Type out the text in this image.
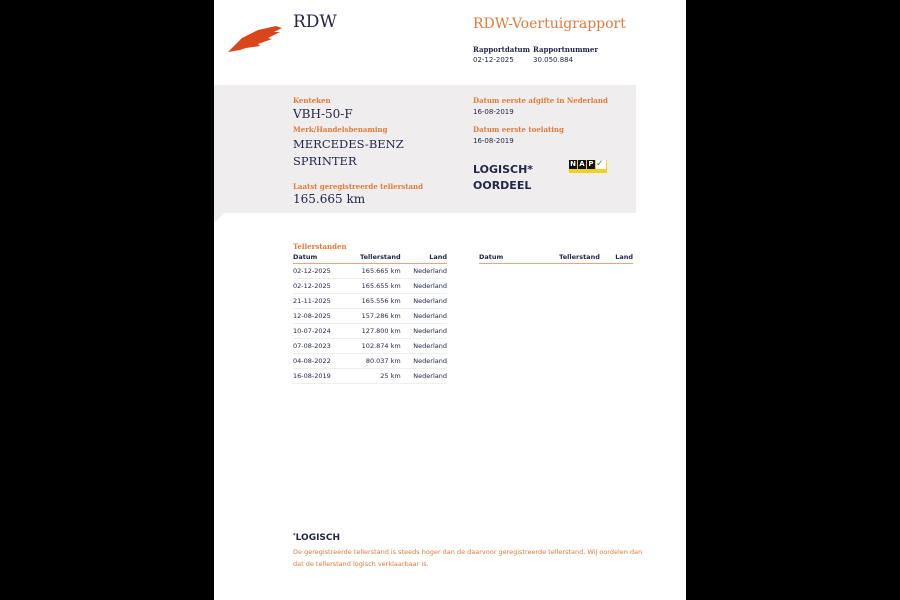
RDW	RDW-Voertuigrapport
Rapportdatum
02-12-2025
Rapportnummer
30.050.884
Kenteken
VBH-50-F
Merk/Handelsbenaming
MERCEDES-BENZ
SPRINTER
Laatst geregistreerde tellerstand
165.665 km
Datum eerste afgifte in Nederland
16-08-2019
Datum eerste toelating
16-08-2019
LOGISCH*
OORDEEL
N A P ✓
Tellerstanden
Datum	Tellerstand	Land
02-12-2025	165.665 km	Nederland
02-12-2025	165.655 km	Nederland
21-11-2025	165.556 km	Nederland
12-08-2025	157.286 km	Nederland
10-07-2024	127.800 km	Nederland
07-08-2023	102.874 km	Nederland
04-08-2022	80.037 km	Nederland
16-08-2019	25 km	Nederland
Datum	Tellerstand	Land
*LOGISCH
De geregistreerde tellerstand is steeds hoger dan de daarvoor geregistreerde tellerstand. Wij oordelen dan dat de tellerstand logisch verklaarbaar is.
